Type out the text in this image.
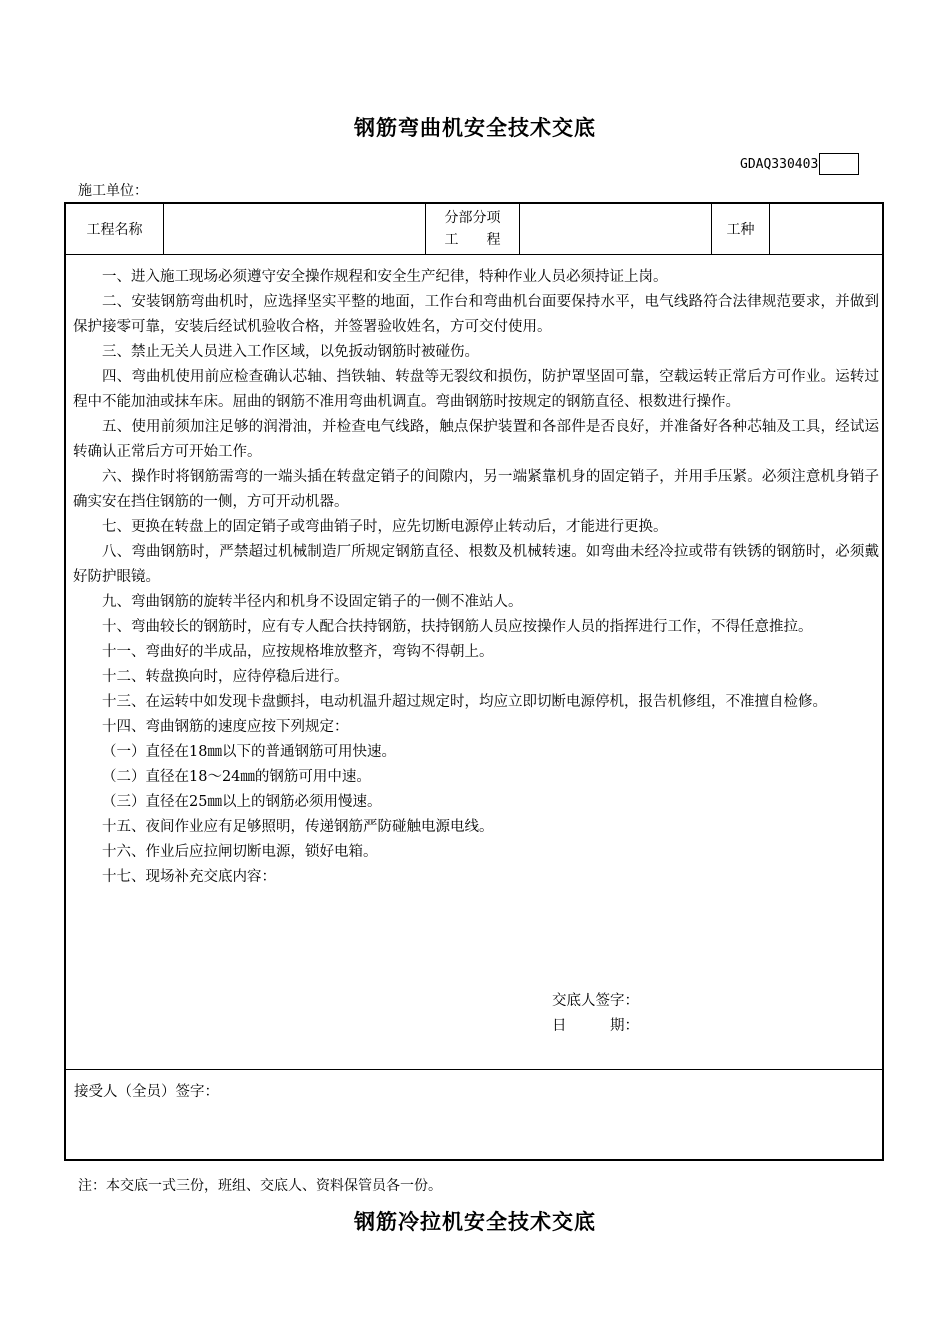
钢筋弯曲机安全技术交底
GDAQ330403
施工单位：
工程名称
分部分项
工　　程
工种

一、进入施工现场必须遵守安全操作规程和安全生产纪律，特种作业人员必须持证上岗。

二、安装钢筋弯曲机时，应选择坚实平整的地面，工作台和弯曲机台面要保持水平，电气线路符合法律规范要求，并做到保护接零可靠，安装后经试机验收合格，并签署验收姓名，方可交付使用。

三、禁止无关人员进入工作区域，以免扳动钢筋时被碰伤。

四、弯曲机使用前应检查确认芯轴、挡铁轴、转盘等无裂纹和损伤，防护罩坚固可靠，空载运转正常后方可作业。运转过程中不能加油或抹车床。屈曲的钢筋不准用弯曲机调直。弯曲钢筋时按规定的钢筋直径、根数进行操作。

五、使用前须加注足够的润滑油，并检查电气线路，触点保护装置和各部件是否良好，并准备好各种芯轴及工具，经试运转确认正常后方可开始工作。

六、操作时将钢筋需弯的一端头插在转盘定销子的间隙内，另一端紧靠机身的固定销子，并用手压紧。必须注意机身销子确实安在挡住钢筋的一侧，方可开动机器。

七、更换在转盘上的固定销子或弯曲销子时，应先切断电源停止转动后，才能进行更换。

八、弯曲钢筋时，严禁超过机械制造厂所规定钢筋直径、根数及机械转速。如弯曲未经冷拉或带有铁锈的钢筋时，必须戴好防护眼镜。

九、弯曲钢筋的旋转半径内和机身不设固定销子的一侧不准站人。

十、弯曲较长的钢筋时，应有专人配合扶持钢筋，扶持钢筋人员应按操作人员的指挥进行工作，不得任意推拉。

十一、弯曲好的半成品，应按规格堆放整齐，弯钩不得朝上。

十二、转盘换向时，应待停稳后进行。

十三、在运转中如发现卡盘颤抖，电动机温升超过规定时，均应立即切断电源停机，报告机修组，不准擅自检修。

十四、弯曲钢筋的速度应按下列规定：

（一）直径在18㎜以下的普通钢筋可用快速。

（二）直径在18～24㎜的钢筋可用中速。

（三）直径在25㎜以上的钢筋必须用慢速。

十五、夜间作业应有足够照明，传递钢筋严防碰触电源电线。

十六、作业后应拉闸切断电源，锁好电箱。

十七、现场补充交底内容：

交底人签字：
日　　　期：
接受人（全员）签字：
注：本交底一式三份，班组、交底人、资料保管员各一份。
钢筋冷拉机安全技术交底
